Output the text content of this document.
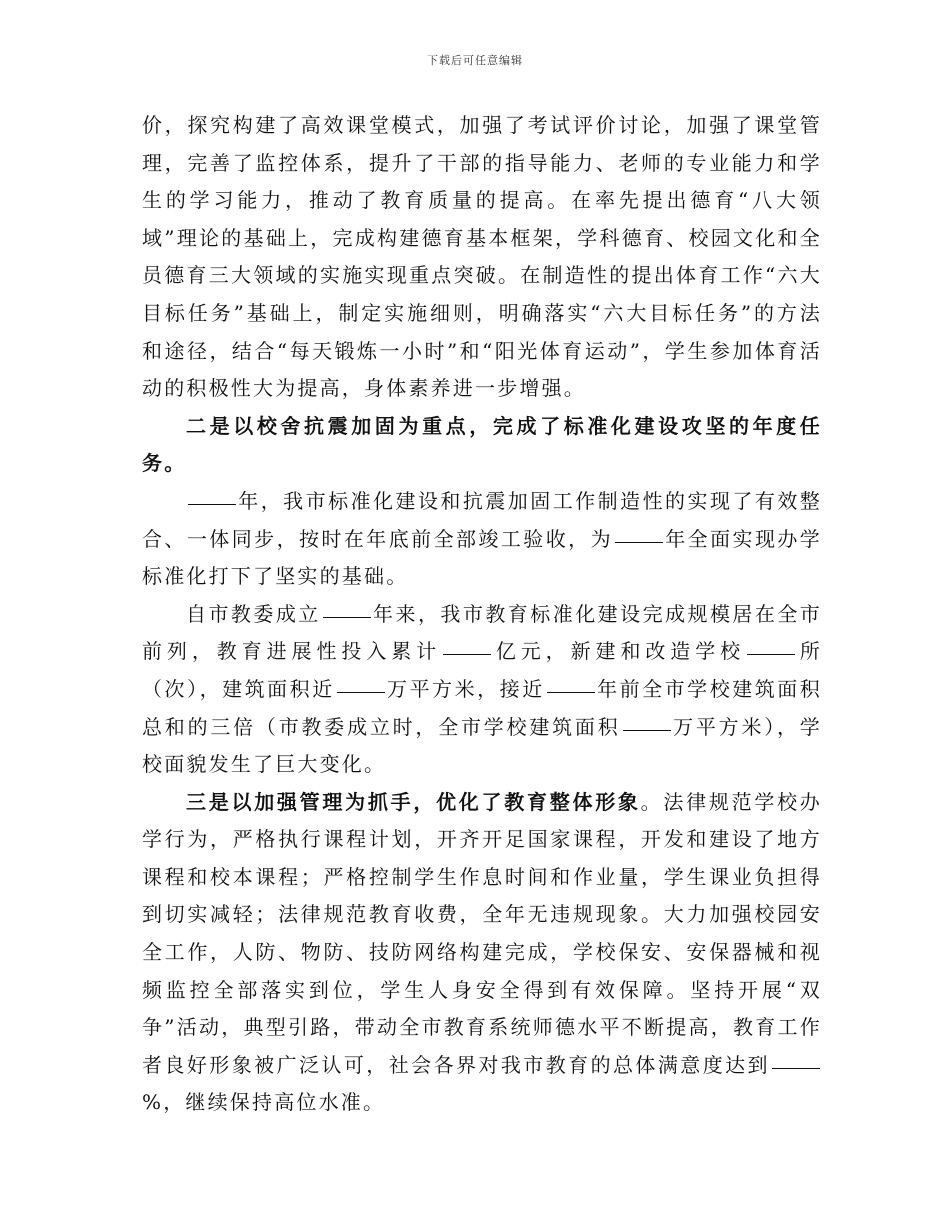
下载后可任意编辑

价，探究构建了高效课堂模式，加强了考试评价讨论，加强了课堂管理，完善了监控体系，提升了干部的指导能力、老师的专业能力和学生的学习能力，推动了教育质量的提高。在率先提出德育“八大领域”理论的基础上，完成构建德育基本框架，学科德育、校园文化和全员德育三大领域的实施实现重点突破。在制造性的提出体育工作“六大目标任务”基础上，制定实施细则，明确落实“六大目标任务”的方法和途径，结合“每天锻炼一小时”和“阳光体育运动”，学生参加体育活动的积极性大为提高，身体素养进一步增强。

二是以校舍抗震加固为重点，完成了标准化建设攻坚的年度任务。

年，我市标准化建设和抗震加固工作制造性的实现了有效整合、一体同步，按时在年底前全部竣工验收，为	年全面实现办学标准化打下了坚实的基础。

自市教委成立	年来，我市教育标准化建设完成规模居在全市前列，教育进展性投入累计	亿元，新建和改造学校	所（次），建筑面积近	万平方米，接近	年前全市学校建筑面积总和的三倍（市教委成立时，全市学校建筑面积	万平方米），学校面貌发生了巨大变化。

三是以加强管理为抓手，优化了教育整体形象。法律规范学校办学行为，严格执行课程计划，开齐开足国家课程，开发和建设了地方课程和校本课程；严格控制学生作息时间和作业量，学生课业负担得到切实减轻；法律规范教育收费，全年无违规现象。大力加强校园安全工作，人防、物防、技防网络构建完成，学校保安、安保器械和视频监控全部落实到位，学生人身安全得到有效保障。坚持开展“双争”活动，典型引路，带动全市教育系统师德水平不断提高，教育工作者良好形象被广泛认可，社会各界对我市教育的总体满意度达到%，继续保持高位水准。
